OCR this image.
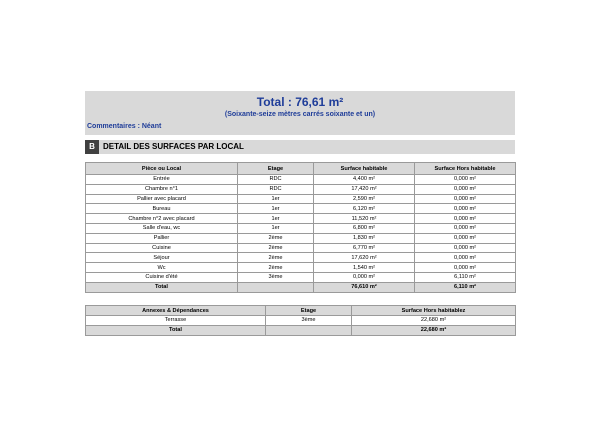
Total : 76,61 m²
(Soixante-seize mètres carrés soixante et un)
Commentaires : Néant
B	DETAIL DES SURFACES PAR LOCAL
Pièce ou Local	Etage	Surface habitable	Surface Hors habitable
Entrée	RDC	4,400 m²	0,000 m²
Chambre n°1	RDC	17,420 m²	0,000 m²
Pallier avec placard	1er	2,590 m²	0,000 m²
Bureau	1er	6,120 m²	0,000 m²
Chambre n°2 avec placard	1er	11,520 m²	0,000 m²
Salle d'eau, wc	1er	6,800 m²	0,000 m²
Pallier	2ème	1,830 m²	0,000 m²
Cuisine	2ème	6,770 m²	0,000 m²
Séjour	2ème	17,620 m²	0,000 m²
Wc	2ème	1,540 m²	0,000 m²
Cuisine d'été	3ème	0,000 m²	6,110 m²
Total		76,610 m²	6,110 m²
Annexes & Dépendances	Etage	Surface Hors habitablez
Terrasse	3ème	22,680 m²
Total		22,680 m²
